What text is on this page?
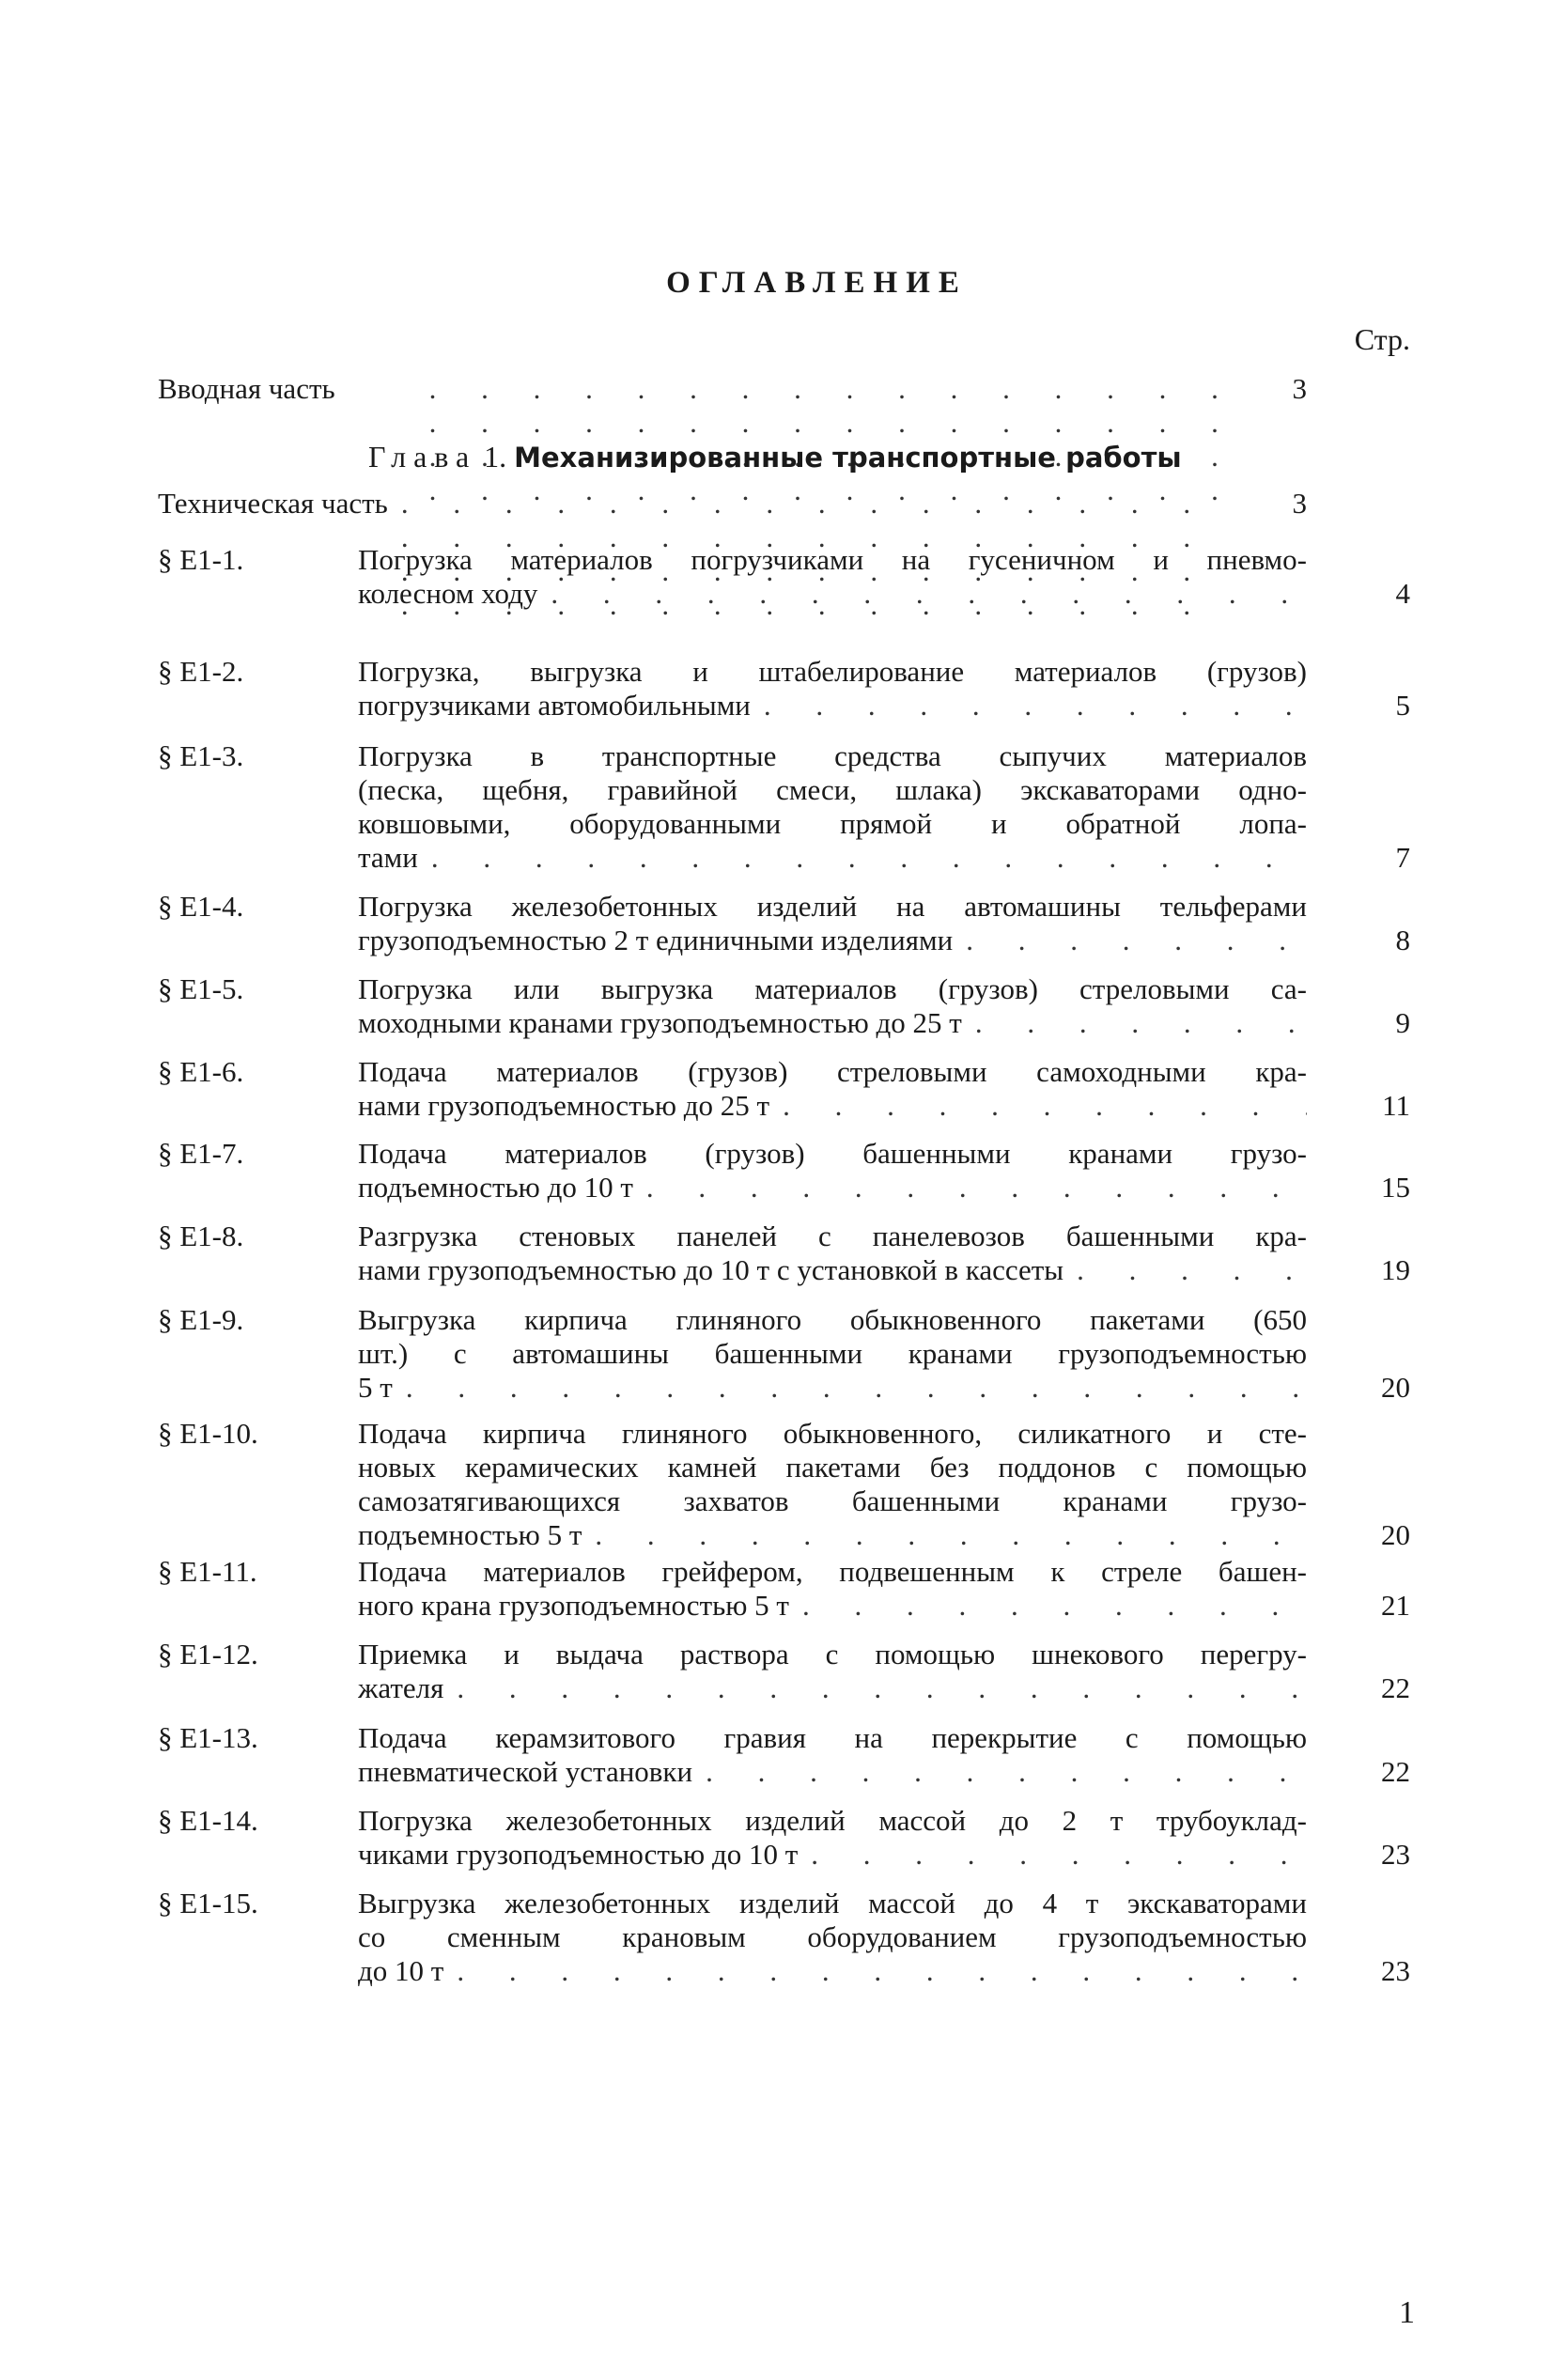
ОГЛАВЛЕНИЕ
Стр.
Вводная часть . . .	3
Глава 1. Механизированные транспортные работы
Техническая часть . . .	3
§ Е1-1.	Погрузка материалов погрузчиками на гусеничном и пневмо-
колесном ходу . . .	4
§ Е1-2.	Погрузка, выгрузка и штабелирование материалов (грузов)
погрузчиками автомобильными . . .	5
§ Е1-3.	Погрузка в транспортные средства сыпучих материалов
(песка, щебня, гравийной смеси, шлака) экскаваторами одно-
ковшовыми, оборудованными прямой и обратной лопа-
тами . . .	7
§ Е1-4.	Погрузка железобетонных изделий на автомашины тельферами
грузоподъемностью 2 т единичными изделиями . . .	8
§ Е1-5.	Погрузка или выгрузка материалов (грузов) стреловыми са-
моходными кранами грузоподъемностью до 25 т . . .	9
§ Е1-6.	Подача материалов (грузов) стреловыми самоходными кра-
нами грузоподъемностью до 25 т . . .	11
§ Е1-7.	Подача материалов (грузов) башенными кранами грузо-
подъемностью до 10 т . . .	15
§ Е1-8.	Разгрузка стеновых панелей с панелевозов башенными кра-
нами грузоподъемностью до 10 т с установкой в кассеты . . .	19
§ Е1-9.	Выгрузка кирпича глиняного обыкновенного пакетами (650
шт.) с автомашины башенными кранами грузоподъемностью
5 т . . .	20
§ Е1-10.	Подача кирпича глиняного обыкновенного, силикатного и сте-
новых керамических камней пакетами без поддонов с помощью
самозатягивающихся захватов башенными кранами грузо-
подъемностью 5 т . . .	20
§ Е1-11.	Подача материалов грейфером, подвешенным к стреле башен-
ного крана грузоподъемностью 5 т . . .	21
§ Е1-12.	Приемка и выдача раствора с помощью шнекового перегру-
жателя . . .	22
§ Е1-13.	Подача керамзитового гравия на перекрытие с помощью
пневматической установки . . .	22
§ Е1-14.	Погрузка железобетонных изделий массой до 2 т трубоуклад-
чиками грузоподъемностью до 10 т . . .	23
§ Е1-15.	Выгрузка железобетонных изделий массой до 4 т экскаваторами
со сменным крановым оборудованием грузоподъемностью
до 10 т . . .	23
1
